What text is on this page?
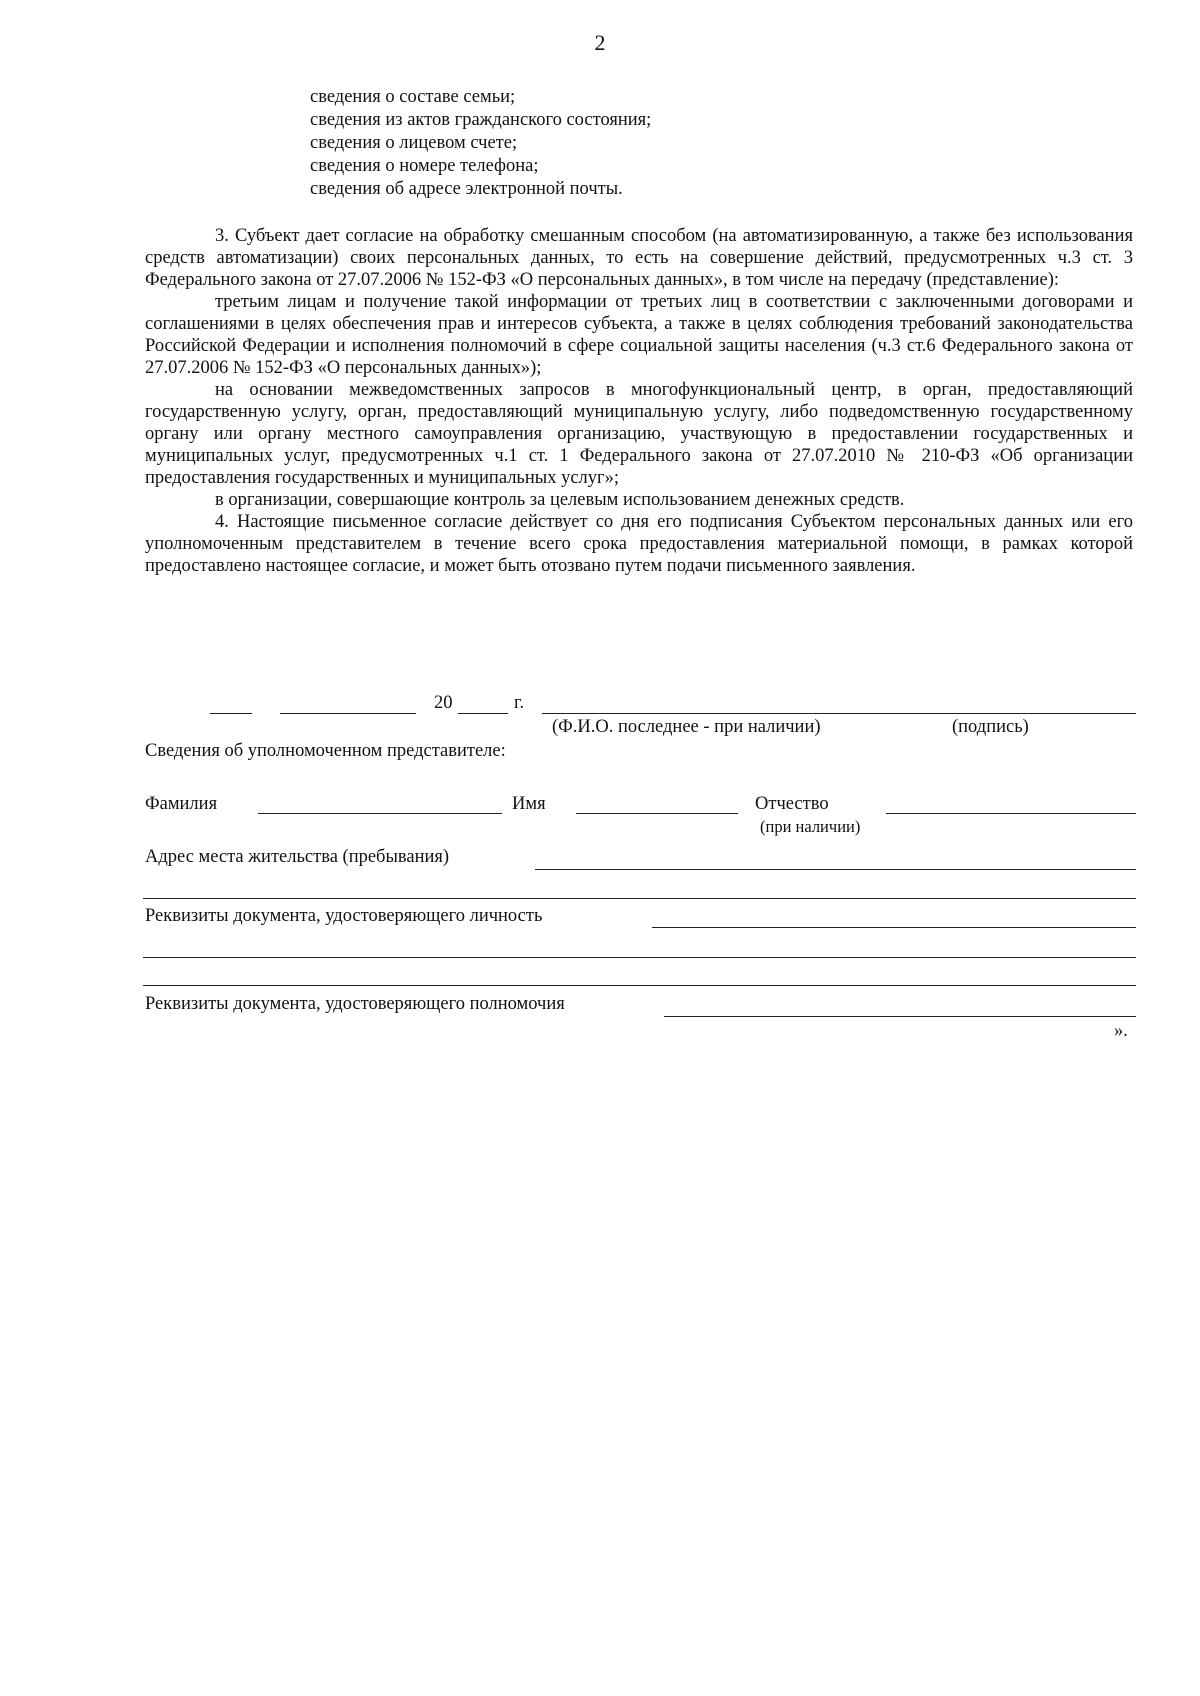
2
сведения о составе семьи;
сведения из актов гражданского состояния;
сведения о лицевом счете;
сведения о номере телефона;
сведения об адресе электронной почты.

3. Субъект дает согласие на обработку смешанным способом (на автоматизированную, а также без использования средств автоматизации) своих персональных данных, то есть на совершение действий, предусмотренных ч.3 ст. 3 Федерального закона от 27.07.2006 № 152-ФЗ «О персональных данных», в том числе на передачу (представление):

третьим лицам и получение такой информации от третьих лиц в соответствии с заключенными договорами и соглашениями в целях обеспечения прав и интересов субъекта, а также в целях соблюдения требований законодательства Российской Федерации и исполнения полномочий в сфере социальной защиты населения (ч.3 ст.6 Федерального закона от 27.07.2006 № 152-ФЗ «О персональных данных»);

на основании межведомственных запросов в многофункциональный центр, в орган, предоставляющий государственную услугу, орган, предоставляющий муниципальную услугу, либо подведомственную государственному органу или органу местного самоуправления организацию, участвующую в предоставлении государственных и муниципальных услуг, предусмотренных ч.1 ст. 1 Федерального закона от 27.07.2010 № 210-ФЗ «Об организации предоставления государственных и муниципальных услуг»;

в организации, совершающие контроль за целевым использованием денежных средств.

4. Настоящие письменное согласие действует со дня его подписания Субъектом персональных данных или его уполномоченным представителем в течение всего срока предоставления материальной помощи, в рамках которой предоставлено настоящее согласие, и может быть отозвано путем подачи письменного заявления.

20	г.
(Ф.И.О. последнее - при наличии)	(подпись)
Сведения об уполномоченном представителе:
Фамилия	Имя	Отчество
(при наличии)
Адрес места жительства (пребывания)
Реквизиты документа, удостоверяющего личность
Реквизиты документа, удостоверяющего полномочия
».
